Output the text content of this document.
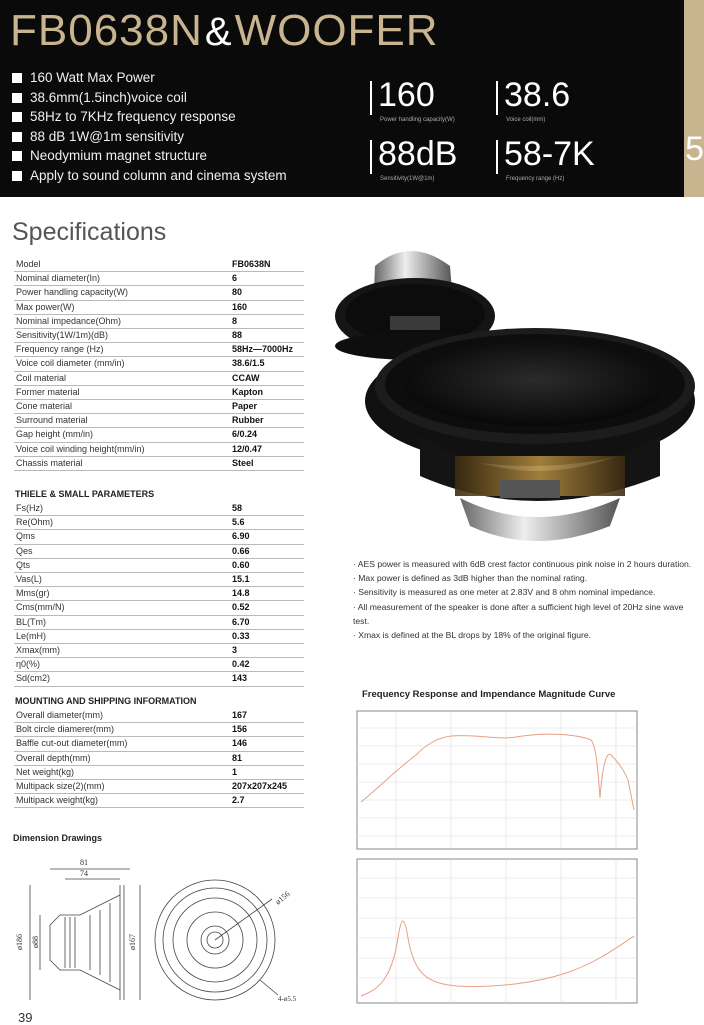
FB0638N&WOOFER
160 Watt Max Power
38.6mm(1.5inch)voice coil
58Hz to 7KHz frequency response
88 dB 1W@1m sensitivity
Neodymium magnet structure
Apply to sound column and cinema system
160
Power handling capacity(W)
38.6
Voice coil(mm)
88dB
Sensitivity(1W@1m)
58-7K
Frequency range (Hz)
5
Specifications
Model	FB0638N
Nominal diameter(In)	6
Power handling capacity(W)	80
Max power(W)	160
Nominal impedance(Ohm)	8
Sensitivity(1W/1m)(dB)	88
Frequency range (Hz)	58Hz—7000Hz
Voice coil diameter (mm/in)	38.6/1.5
Coil material	CCAW
Former material	Kapton
Cone material	Paper
Surround material	Rubber
Gap height (mm/in)	6/0.24
Voice coil winding height(mm/in)	12/0.47
Chassis material	Steel
THIELE & SMALL PARAMETERS
Fs(Hz)	58
Re(Ohm)	5.6
Qms	6.90
Qes	0.66
Qts	0.60
Vas(L)	15.1
Mms(gr)	14.8
Cms(mm/N)	0.52
BL(Tm)	6.70
Le(mH)	0.33
Xmax(mm)	3
η0(%)	0.42
Sd(cm2)	143
MOUNTING AND SHIPPING INFORMATION
Overall diameter(mm)	167
Bolt circle diamerer(mm)	156
Baffle cut-out diameter(mm)	146
Overall depth(mm)	81
Net weight(kg)	1
Multipack size(2)(mm)	207x207x245
Multipack weight(kg)	2.7

· AES power is measured with 6dB crest factor continuous pink noise in 2 hours duration.

· Max power is defined as 3dB higher than the nominal rating.

· Sensitivity is measured as one meter at 2.83V and 8 ohm nominal impedance.

· All measurement of the speaker is done after a sufficient high level of 20Hz sine wave test.

· Xmax is defined at the BL drops by 18% of the original figure.

Frequency Response and Impendance Magnitude Curve
Dimension Drawings
81
74
ø186 ø88	ø167
ø156
4-ø5.5
39
